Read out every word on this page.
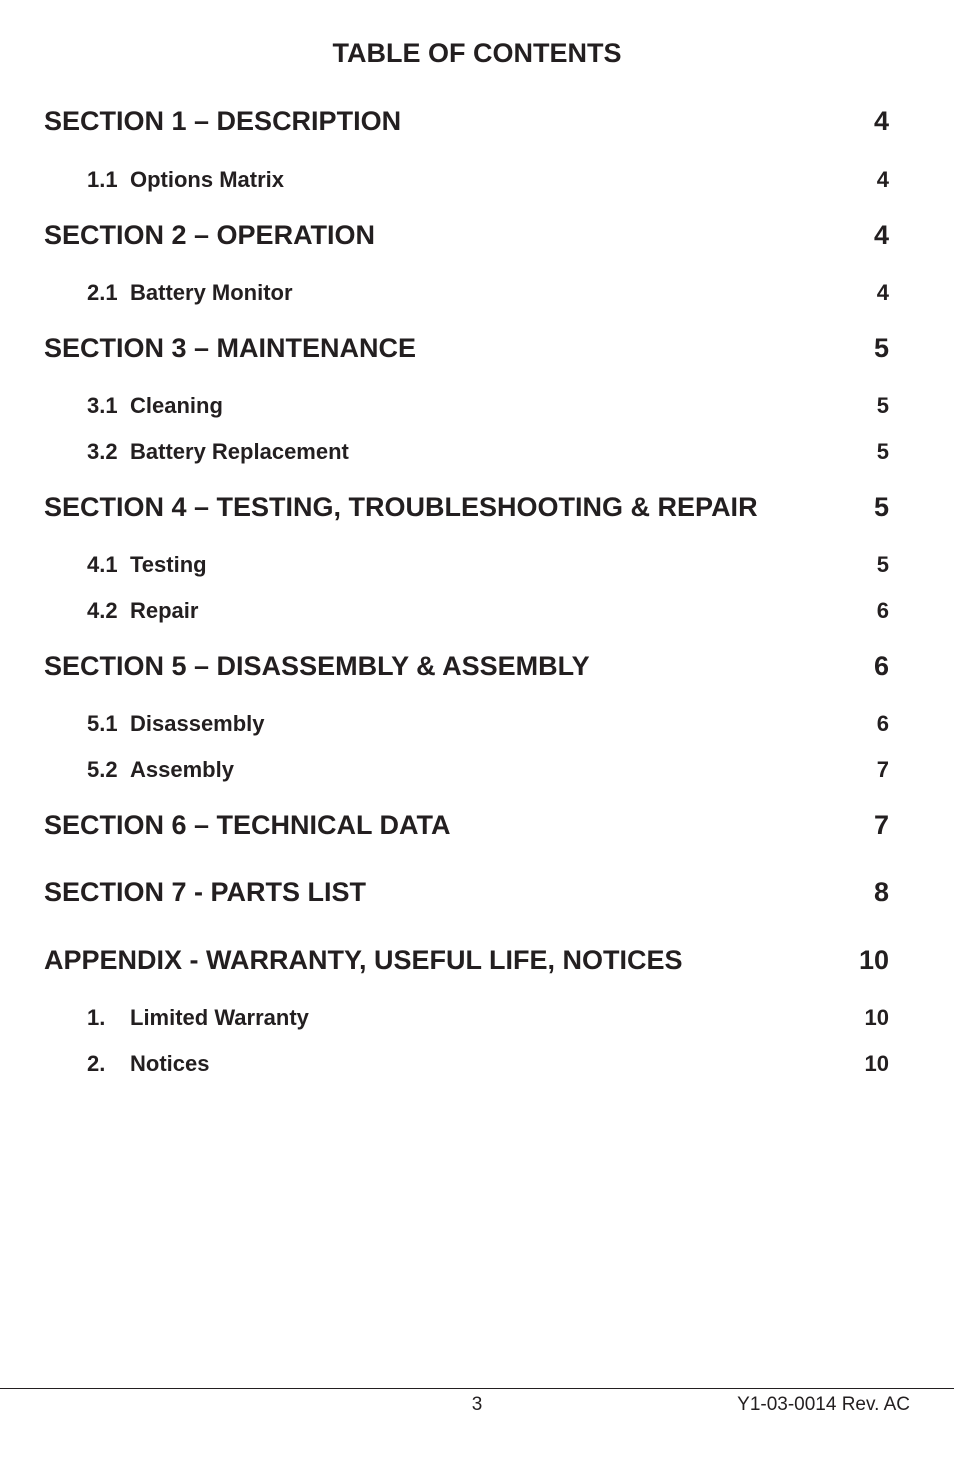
TABLE OF CONTENTS
SECTION 1 – DESCRIPTION	4
1.1 Options Matrix	4
SECTION 2 – OPERATION	4
2.1 Battery Monitor	4
SECTION 3 – MAINTENANCE	5
3.1 Cleaning	5
3.2 Battery Replacement	5
SECTION 4 – TESTING, TROUBLESHOOTING & REPAIR	5
4.1 Testing	5
4.2 Repair	6
SECTION 5 – DISASSEMBLY & ASSEMBLY	6
5.1 Disassembly	6
5.2 Assembly	7
SECTION 6 – TECHNICAL DATA	7
SECTION 7 - PARTS LIST	8
APPENDIX - WARRANTY, USEFUL LIFE, NOTICES	10
1.	Limited Warranty	10
2.	Notices	10
3	Y1-03-0014 Rev. AC
